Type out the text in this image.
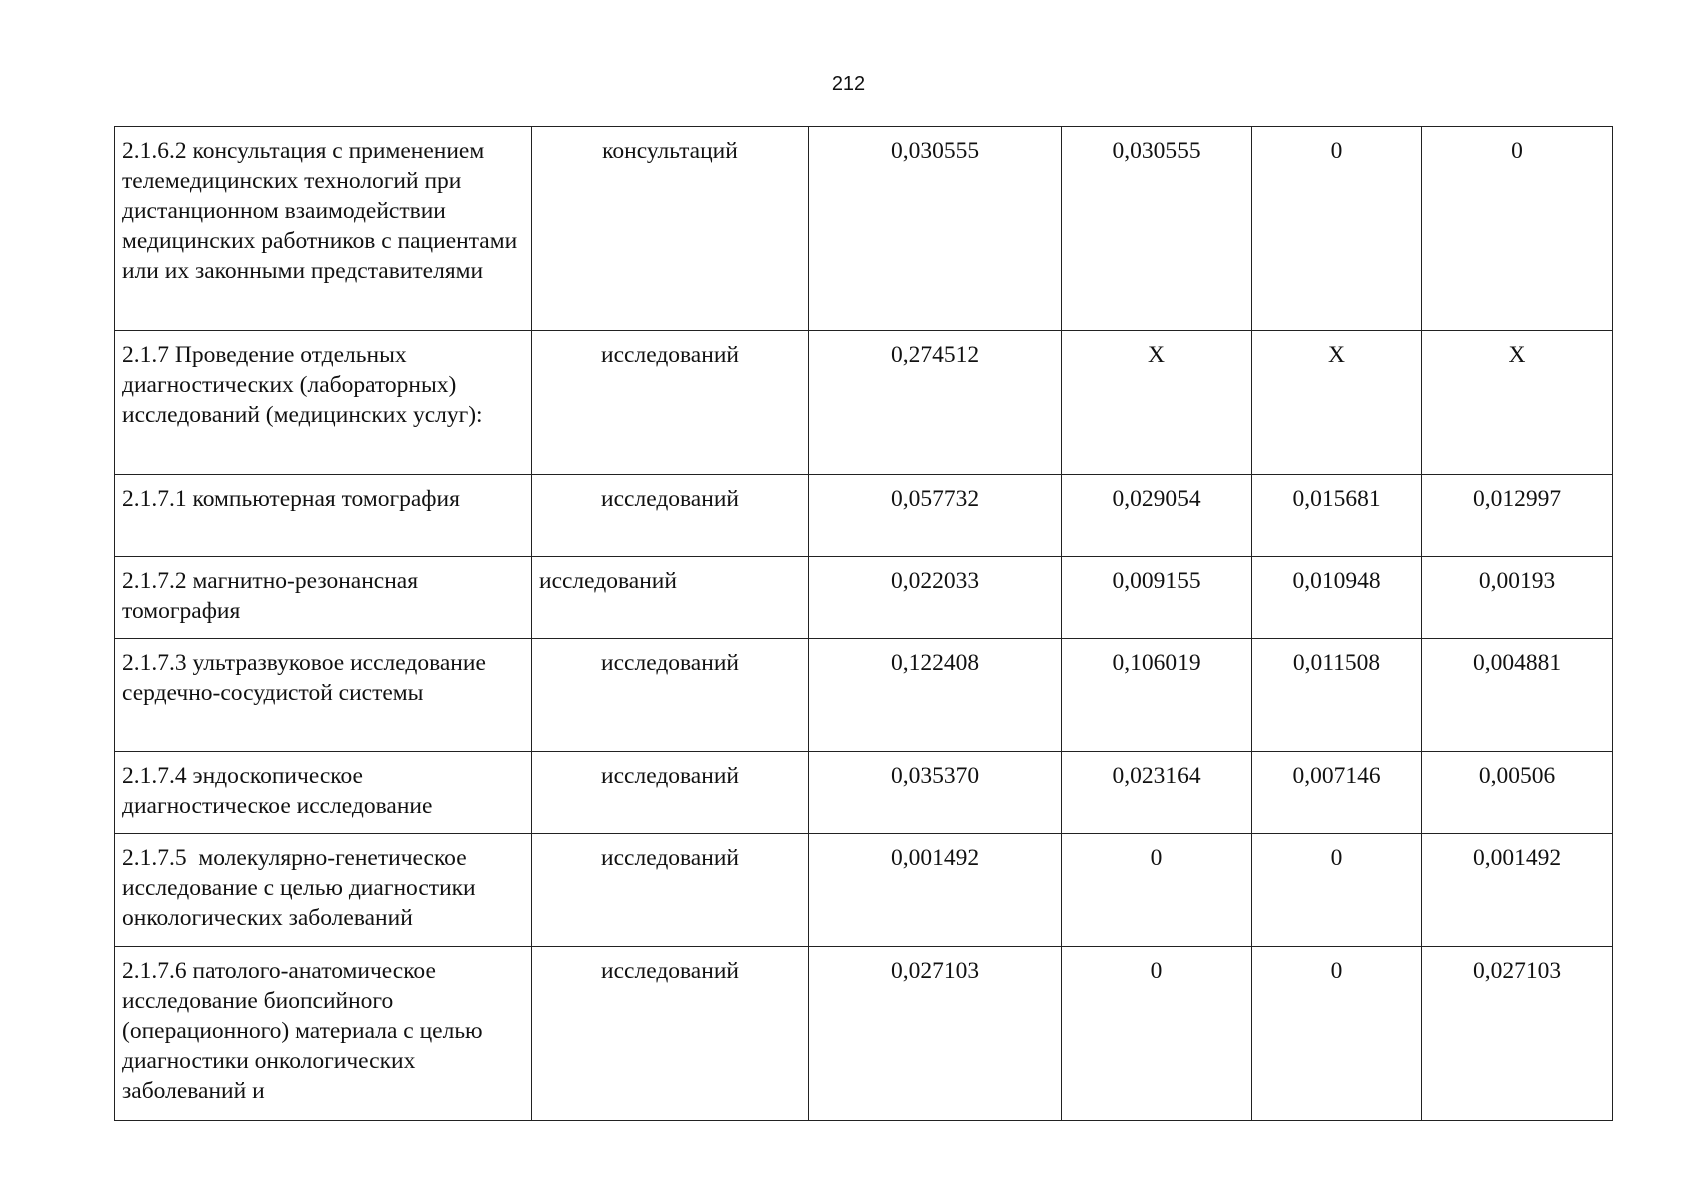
212
2.1.6.2 консультация с применением телемедицинских технологий при дистанционном взаимодействии медицинских работников с пациентами или их законными представителями	консультаций	0,030555	0,030555	0	0
2.1.7 Проведение отдельных диагностических (лабораторных) исследований (медицинских услуг):	исследований	0,274512	X	X	X
2.1.7.1 компьютерная томография	исследований	0,057732	0,029054	0,015681	0,012997
2.1.7.2 магнитно-резонансная томография	исследований	0,022033	0,009155	0,010948	0,00193
2.1.7.3 ультразвуковое исследование сердечно-сосудистой системы	исследований	0,122408	0,106019	0,011508	0,004881
2.1.7.4 эндоскопическое диагностическое исследование	исследований	0,035370	0,023164	0,007146	0,00506
2.1.7.5  молекулярно-генетическое исследование с целью диагностики онкологических заболеваний	исследований	0,001492	0	0	0,001492
2.1.7.6 патолого-анатомическое исследование биопсийного (операционного) материала с целью диагностики онкологических заболеваний и	исследований	0,027103	0	0	0,027103
